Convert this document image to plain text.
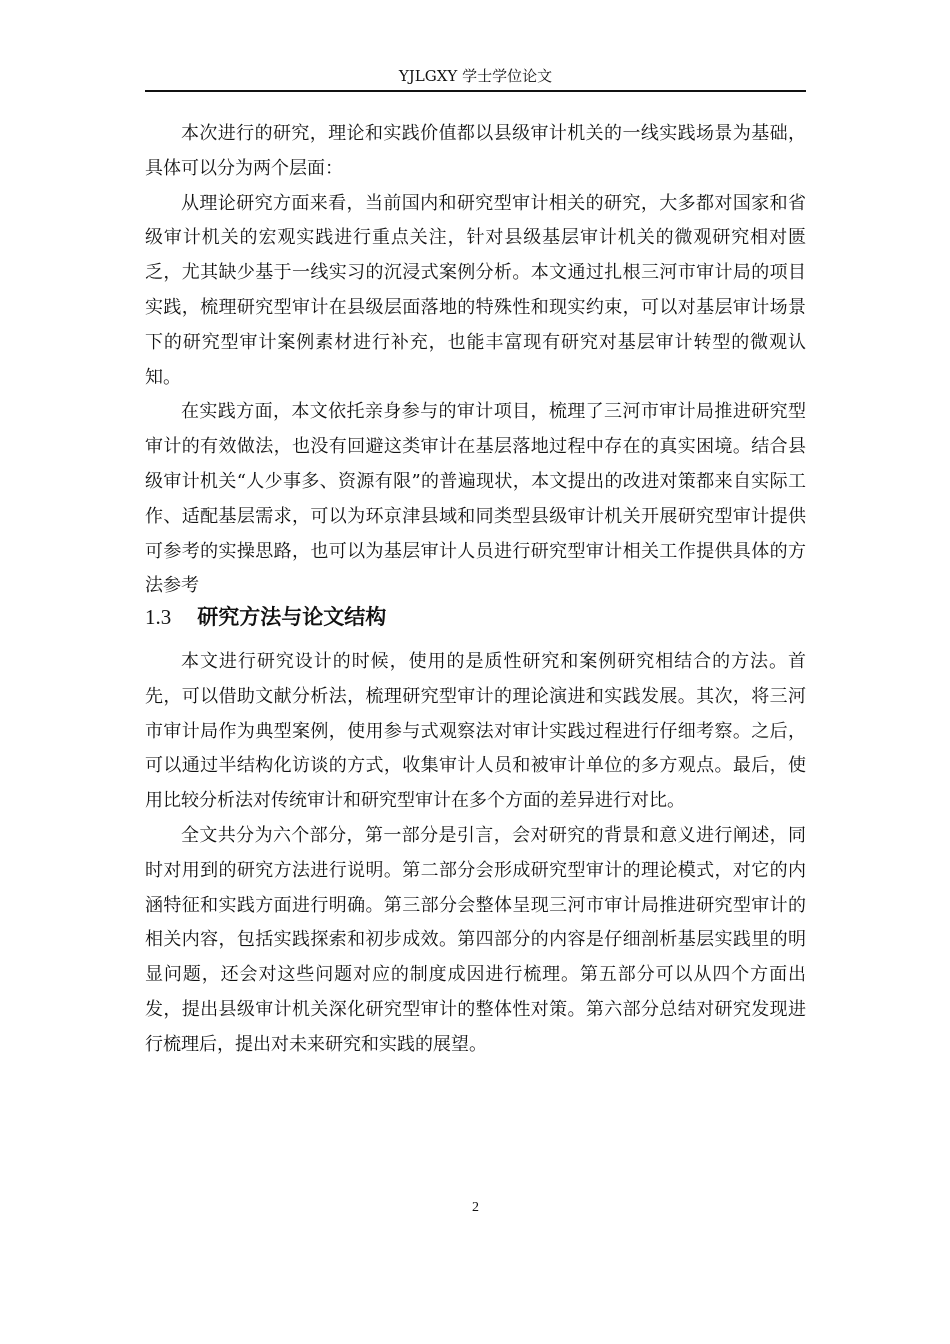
YJLGXY 学士学位论文

本次进行的研究，理论和实践价值都以县级审计机关的一线实践场景为基础，具体可以分为两个层面：

从理论研究方面来看，当前国内和研究型审计相关的研究，大多都对国家和省级审计机关的宏观实践进行重点关注，针对县级基层审计机关的微观研究相对匮乏，尤其缺少基于一线实习的沉浸式案例分析。本文通过扎根三河市审计局的项目实践，梳理研究型审计在县级层面落地的特殊性和现实约束，可以对基层审计场景下的研究型审计案例素材进行补充，也能丰富现有研究对基层审计转型的微观认知。

在实践方面，本文依托亲身参与的审计项目，梳理了三河市审计局推进研究型审计的有效做法，也没有回避这类审计在基层落地过程中存在的真实困境。结合县级审计机关“人少事多、资源有限”的普遍现状，本文提出的改进对策都来自实际工作、适配基层需求，可以为环京津县域和同类型县级审计机关开展研究型审计提供可参考的实操思路，也可以为基层审计人员进行研究型审计相关工作提供具体的方法参考

1.3 研究方法与论文结构

本文进行研究设计的时候，使用的是质性研究和案例研究相结合的方法。首先，可以借助文献分析法，梳理研究型审计的理论演进和实践发展。其次，将三河市审计局作为典型案例，使用参与式观察法对审计实践过程进行仔细考察。之后，可以通过半结构化访谈的方式，收集审计人员和被审计单位的多方观点。最后，使用比较分析法对传统审计和研究型审计在多个方面的差异进行对比。

全文共分为六个部分，第一部分是引言，会对研究的背景和意义进行阐述，同时对用到的研究方法进行说明。第二部分会形成研究型审计的理论模式，对它的内涵特征和实践方面进行明确。第三部分会整体呈现三河市审计局推进研究型审计的相关内容，包括实践探索和初步成效。第四部分的内容是仔细剖析基层实践里的明显问题，还会对这些问题对应的制度成因进行梳理。第五部分可以从四个方面出发，提出县级审计机关深化研究型审计的整体性对策。第六部分总结对研究发现进行梳理后，提出对未来研究和实践的展望。

2
